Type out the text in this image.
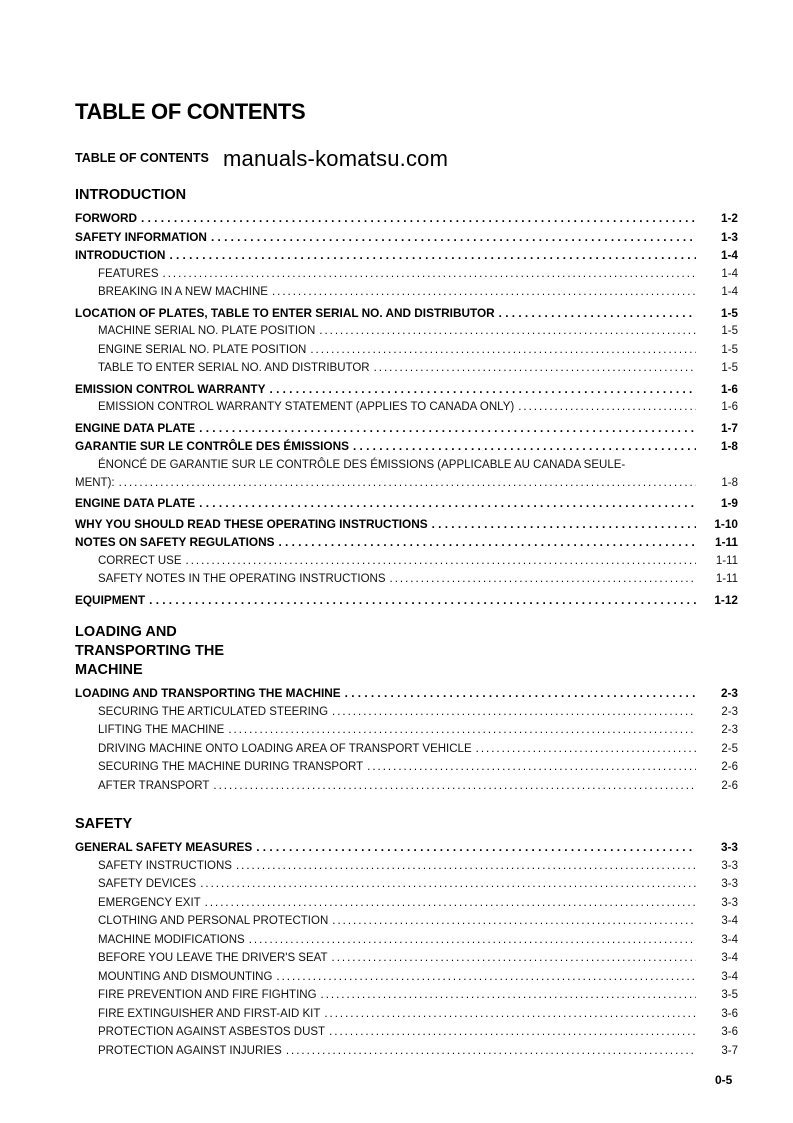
TABLE OF CONTENTS
TABLE OF CONTENTS manuals-komatsu.com
INTRODUCTION
FORWORD . . .	1-2
SAFETY INFORMATION . . .	1-3
INTRODUCTION . . .	1-4
FEATURES . . .	1-4
BREAKING IN A NEW MACHINE . . .	1-4
LOCATION OF PLATES, TABLE TO ENTER SERIAL NO. AND DISTRIBUTOR . . .	1-5
MACHINE SERIAL NO. PLATE POSITION . . .	1-5
ENGINE SERIAL NO. PLATE POSITION . . .	1-5
TABLE TO ENTER SERIAL NO. AND DISTRIBUTOR . . .	1-5
EMISSION CONTROL WARRANTY . . .	1-6
EMISSION CONTROL WARRANTY STATEMENT (APPLIES TO CANADA ONLY) . . .	1-6
ENGINE DATA PLATE . . .	1-7
GARANTIE SUR LE CONTRÔLE DES ÉMISSIONS . . .	1-8
ÉNONCÉ DE GARANTIE SUR LE CONTRÔLE DES ÉMISSIONS (APPLICABLE AU CANADA SEULE-
MENT): . . .	1-8
ENGINE DATA PLATE . . .	1-9
WHY YOU SHOULD READ THESE OPERATING INSTRUCTIONS . . .	1-10
NOTES ON SAFETY REGULATIONS . . .	1-11
CORRECT USE . . .	1-11
SAFETY NOTES IN THE OPERATING INSTRUCTIONS . . .	1-11
EQUIPMENT . . .	1-12
LOADING AND
TRANSPORTING THE
MACHINE
LOADING AND TRANSPORTING THE MACHINE . . .	2-3
SECURING THE ARTICULATED STEERING . . .	2-3
LIFTING THE MACHINE . . .	2-3
DRIVING MACHINE ONTO LOADING AREA OF TRANSPORT VEHICLE . . .	2-5
SECURING THE MACHINE DURING TRANSPORT . . .	2-6
AFTER TRANSPORT . . .	2-6
SAFETY
GENERAL SAFETY MEASURES . . .	3-3
SAFETY INSTRUCTIONS . . .	3-3
SAFETY DEVICES . . .	3-3
EMERGENCY EXIT . . .	3-3
CLOTHING AND PERSONAL PROTECTION . . .	3-4
MACHINE MODIFICATIONS . . .	3-4
BEFORE YOU LEAVE THE DRIVER'S SEAT . . .	3-4
MOUNTING AND DISMOUNTING . . .	3-4
FIRE PREVENTION AND FIRE FIGHTING . . .	3-5
FIRE EXTINGUISHER AND FIRST-AID KIT . . .	3-6
PROTECTION AGAINST ASBESTOS DUST . . .	3-6
PROTECTION AGAINST INJURIES . . .	3-7
0-5
